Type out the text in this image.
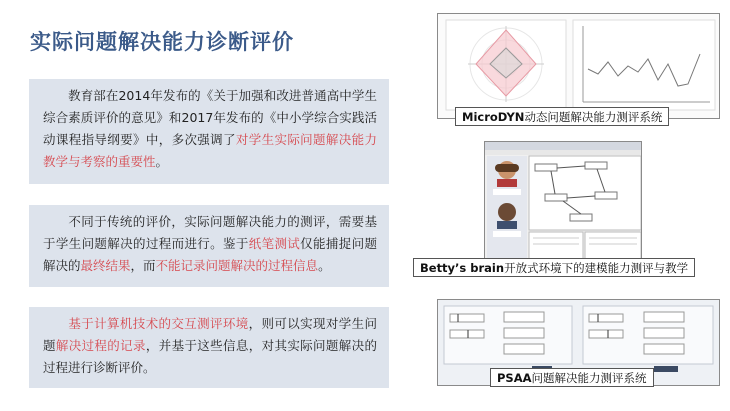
实际问题解决能力诊断评价
教育部在2014年发布的《关于加强和改进普通高中学生综合素质评价的意见》和2017年发布的《中小学综合实践活动课程指导纲要》中，多次强调了对学生实际问题解决能力教学与考察的重要性。
不同于传统的评价，实际问题解决能力的测评，需要基于学生问题解决的过程而进行。鉴于纸笔测试仅能捕捉问题解决的最终结果，而不能记录问题解决的过程信息。
基于计算机技术的交互测评环境，则可以实现对学生问题解决过程的记录，并基于这些信息，对其实际问题解决的过程进行诊断评价。
MicroDYN动态问题解决能力测评系统
Betty’s brain开放式环境下的建模能力测评与教学
PSAA问题解决能力测评系统
